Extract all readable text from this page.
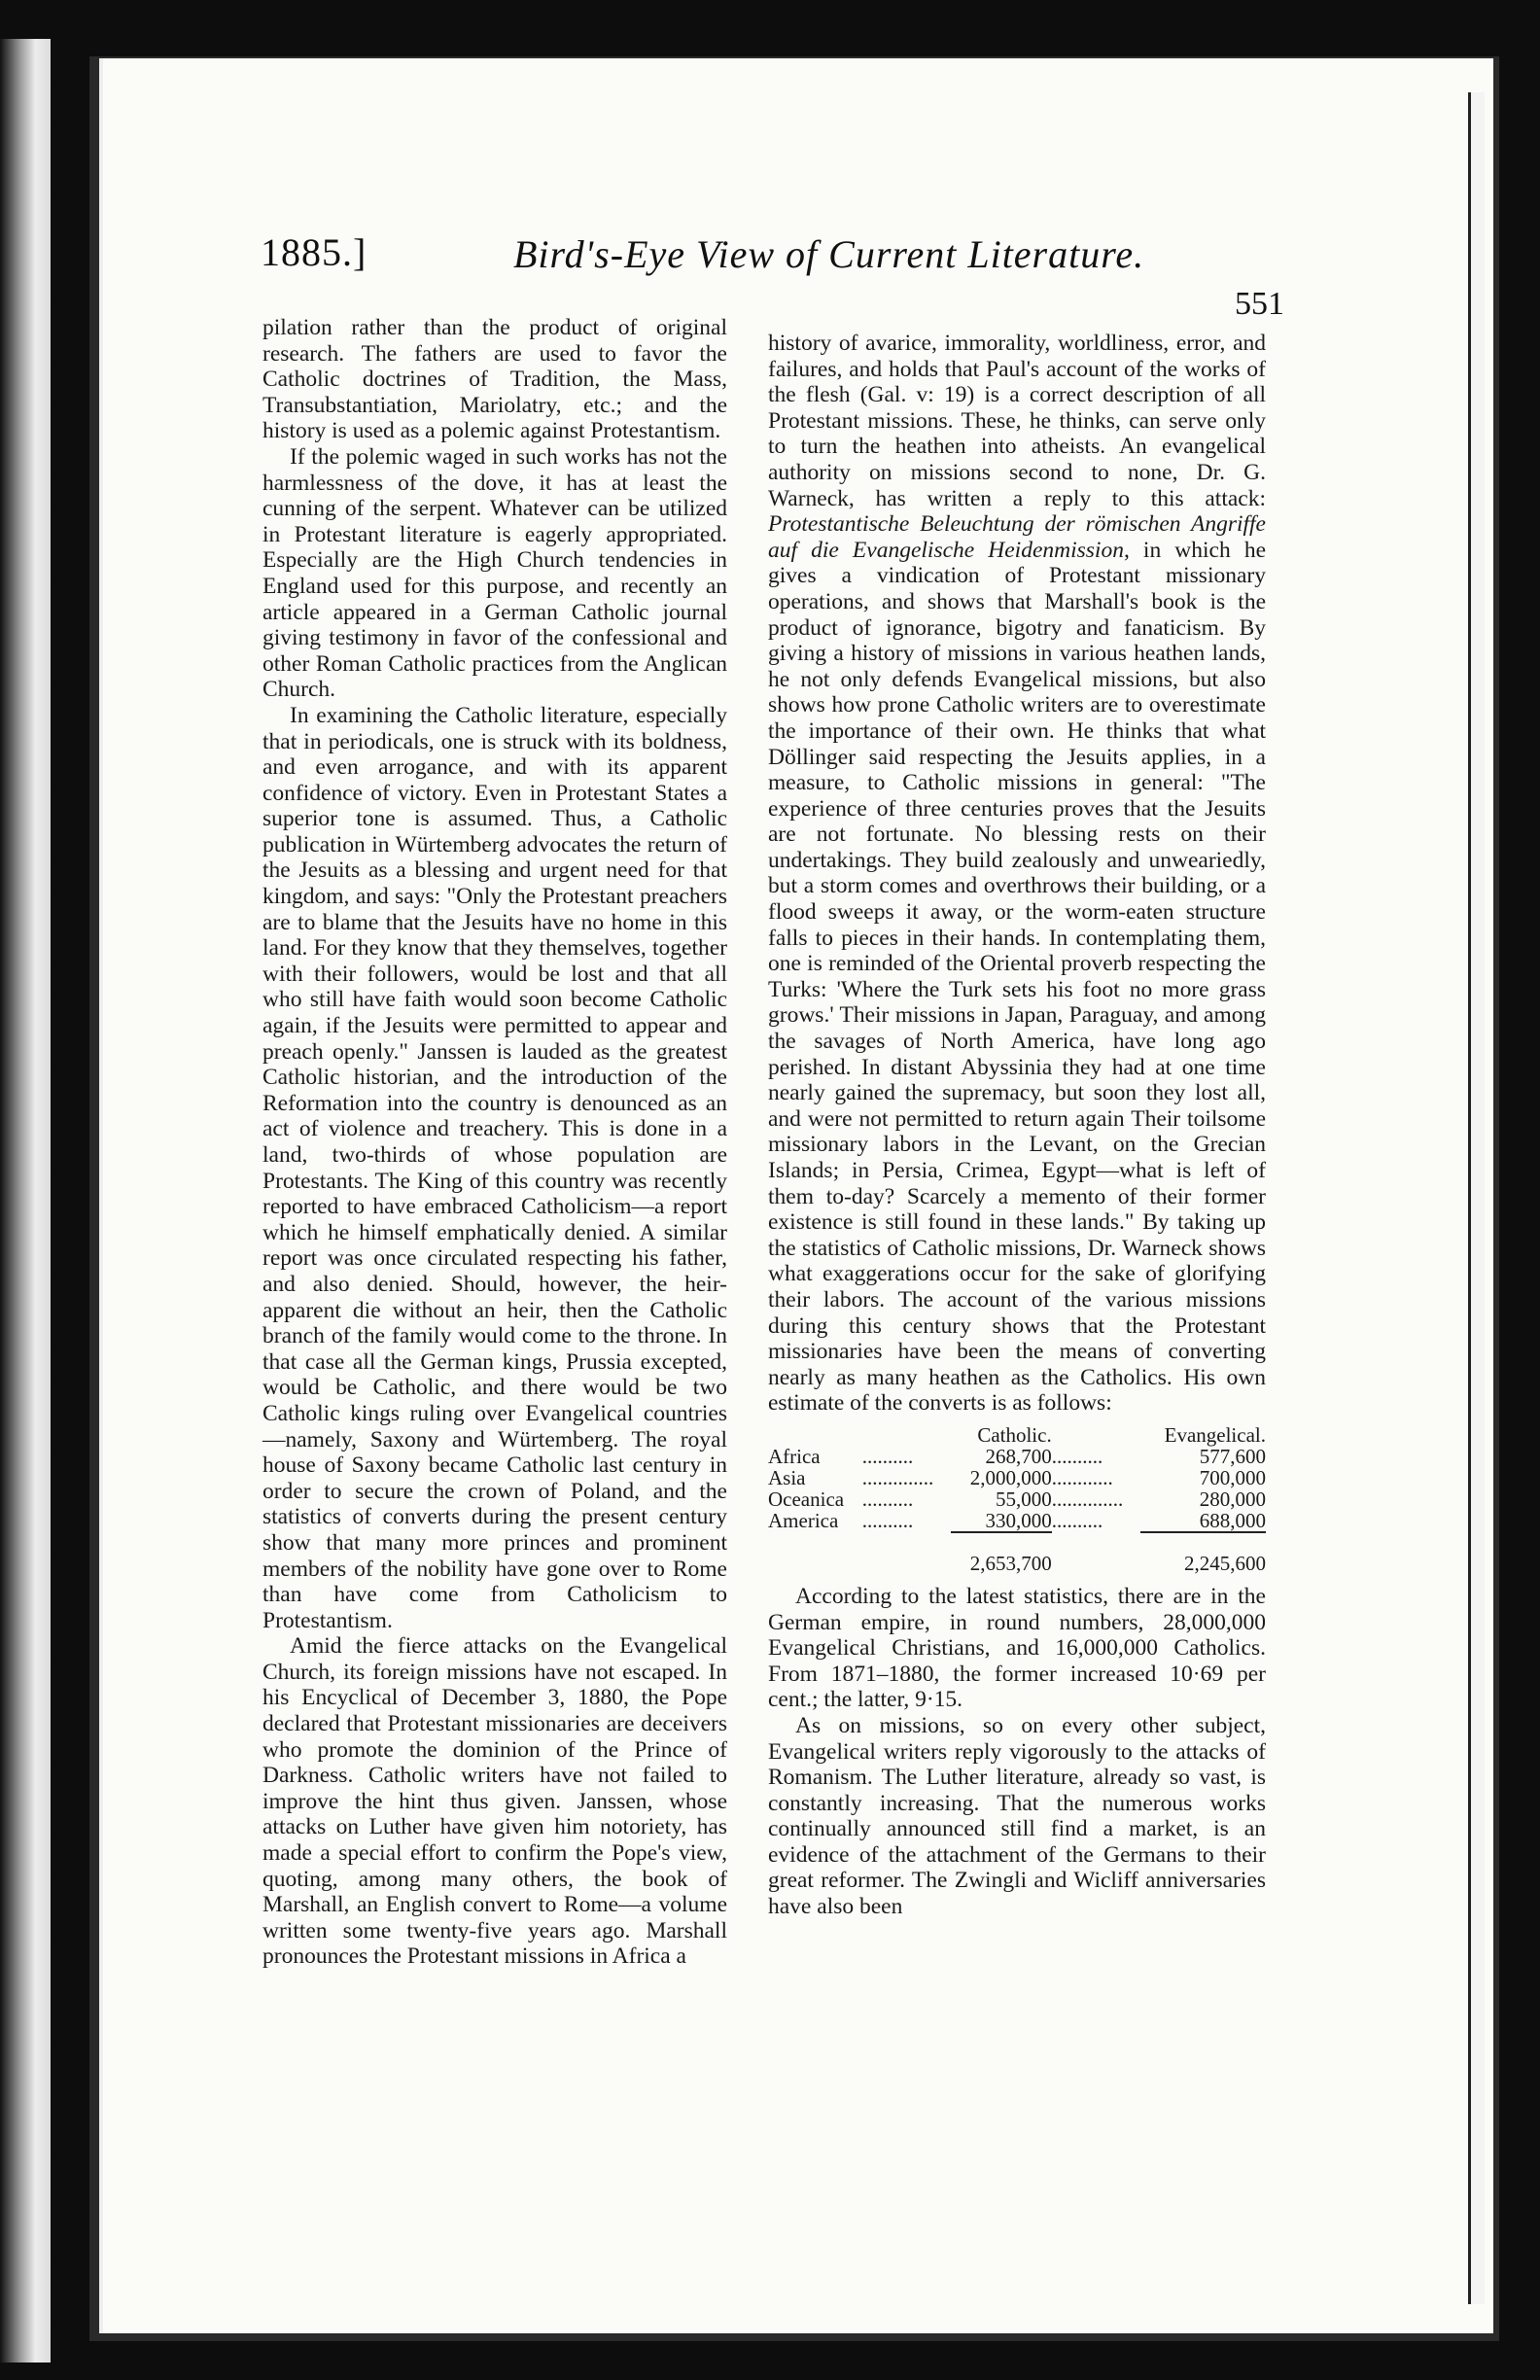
1885.]	Bird's-Eye View of Current Literature.
551

pilation rather than the product of original research. The fathers are used to favor the Catholic doctrines of Tradition, the Mass, Transubstantiation, Mariolatry, etc.; and the history is used as a polemic against Protestantism.

If the polemic waged in such works has not the harmlessness of the dove, it has at least the cunning of the serpent. Whatever can be utilized in Protestant literature is eagerly appropriated. Especially are the High Church tendencies in England used for this purpose, and recently an article appeared in a German Catholic journal giving testimony in favor of the confessional and other Roman Catholic practices from the Anglican Church.

In examining the Catholic literature, especially that in periodicals, one is struck with its boldness, and even arrogance, and with its apparent confidence of victory. Even in Protestant States a superior tone is assumed. Thus, a Catholic publication in Würtemberg advocates the return of the Jesuits as a blessing and urgent need for that kingdom, and says: "Only the Protestant preachers are to blame that the Jesuits have no home in this land. For they know that they themselves, together with their followers, would be lost and that all who still have faith would soon become Catholic again, if the Jesuits were permitted to appear and preach openly." Janssen is lauded as the greatest Catholic historian, and the introduction of the Reformation into the country is denounced as an act of violence and treachery. This is done in a land, two-thirds of whose population are Protestants. The King of this country was recently reported to have embraced Catholicism—a report which he himself emphatically denied. A similar report was once circulated respecting his father, and also denied. Should, however, the heir-apparent die without an heir, then the Catholic branch of the family would come to the throne. In that case all the German kings, Prussia excepted, would be Catholic, and there would be two Catholic kings ruling over Evangelical countries—namely, Saxony and Würtemberg. The royal house of Saxony became Catholic last century in order to secure the crown of Poland, and the statistics of converts during the present century show that many more princes and prominent members of the nobility have gone over to Rome than have come from Catholicism to Protestantism.

Amid the fierce attacks on the Evangelical Church, its foreign missions have not escaped. In his Encyclical of December 3, 1880, the Pope declared that Protestant missionaries are deceivers who promote the dominion of the Prince of Darkness. Catholic writers have not failed to improve the hint thus given. Janssen, whose attacks on Luther have given him notoriety, has made a special effort to confirm the Pope's view, quoting, among many others, the book of Marshall, an English convert to Rome—a volume written some twenty-five years ago. Marshall pronounces the Protestant missions in Africa a

history of avarice, immorality, worldliness, error, and failures, and holds that Paul's account of the works of the flesh (Gal. v: 19) is a correct description of all Protestant missions. These, he thinks, can serve only to turn the heathen into atheists. An evangelical authority on missions second to none, Dr. G. Warneck, has written a reply to this attack: Protestantische Beleuchtung der römischen Angriffe auf die Evangelische Heidenmission, in which he gives a vindication of Protestant missionary operations, and shows that Marshall's book is the product of ignorance, bigotry and fanaticism. By giving a history of missions in various heathen lands, he not only defends Evangelical missions, but also shows how prone Catholic writers are to overestimate the importance of their own. He thinks that what Döllinger said respecting the Jesuits applies, in a measure, to Catholic missions in general: "The experience of three centuries proves that the Jesuits are not fortunate. No blessing rests on their undertakings. They build zealously and unweariedly, but a storm comes and overthrows their building, or a flood sweeps it away, or the worm-eaten structure falls to pieces in their hands. In contemplating them, one is reminded of the Oriental proverb respecting the Turks: 'Where the Turk sets his foot no more grass grows.' Their missions in Japan, Paraguay, and among the savages of North America, have long ago perished. In distant Abyssinia they had at one time nearly gained the supremacy, but soon they lost all, and were not permitted to return again Their toilsome missionary labors in the Levant, on the Grecian Islands; in Persia, Crimea, Egypt—what is left of them to-day? Scarcely a memento of their former existence is still found in these lands." By taking up the statistics of Catholic missions, Dr. Warneck shows what exaggerations occur for the sake of glorifying their labors. The account of the various missions during this century shows that the Protestant missionaries have been the means of converting nearly as many heathen as the Catholics. His own estimate of the converts is as follows:

		Catholic.		Evangelical.
Africa	..........	268,700	..........	577,600
Asia	..............	2,000,000	............	700,000
Oceanica	..........	55,000	..............	280,000
America	..........	330,000	..........	688,000

		2,653,700		2,245,600

According to the latest statistics, there are in the German empire, in round numbers, 28,000,000 Evangelical Christians, and 16,000,000 Catholics. From 1871–1880, the former increased 10·69 per cent.; the latter, 9·15.

As on missions, so on every other subject, Evangelical writers reply vigorously to the attacks of Romanism. The Luther literature, already so vast, is constantly increasing. That the numerous works continually announced still find a market, is an evidence of the attachment of the Germans to their great reformer. The Zwingli and Wicliff anniversaries have also been
